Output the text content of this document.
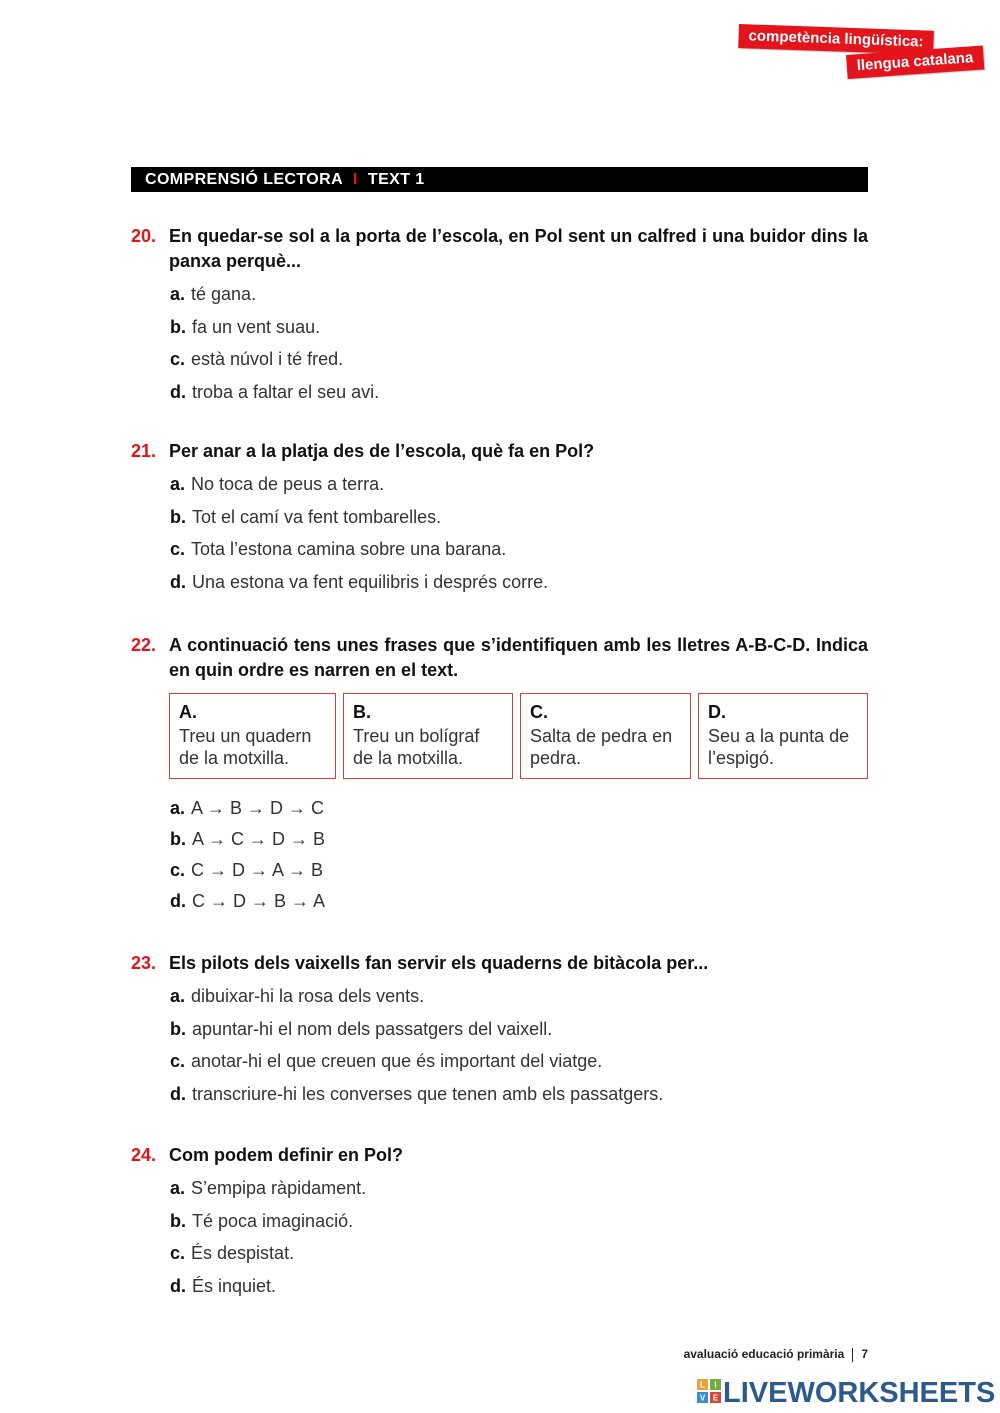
competència lingüística:
llengua catalana
COMPRENSIÓ LECTORA I TEXT 1
20. En quedar-se sol a la porta de l’escola, en Pol sent un calfred i una buidor dins la panxa perquè...
a. té gana.
b. fa un vent suau.
c. està núvol i té fred.
d. troba a faltar el seu avi.
21. Per anar a la platja des de l’escola, què fa en Pol?
a. No toca de peus a terra.
b. Tot el camí va fent tombarelles.
c. Tota l’estona camina sobre una barana.
d. Una estona va fent equilibris i després corre.
22. A continuació tens unes frases que s’identifiquen amb les lletres A-B-C-D. Indica en quin ordre es narren en el text.
A.
Treu un quadern de la motxilla.
B.
Treu un bolígraf de la motxilla.
C.
Salta de pedra en pedra.
D.
Seu a la punta de l’espigó.
a. A → B → D → C
b. A → C → D → B
c. C → D → A → B
d. C → D → B → A
23. Els pilots dels vaixells fan servir els quaderns de bitàcola per...
a. dibuixar-hi la rosa dels vents.
b. apuntar-hi el nom dels passatgers del vaixell.
c. anotar-hi el que creuen que és important del viatge.
d. transcriure-hi les converses que tenen amb els passatgers.
24. Com podem definir en Pol?
a. S’empipa ràpidament.
b. Té poca imaginació.
c. És despistat.
d. És inquiet.
avaluació educació primària 7
L I
V E LIVEWORKSHEETS
